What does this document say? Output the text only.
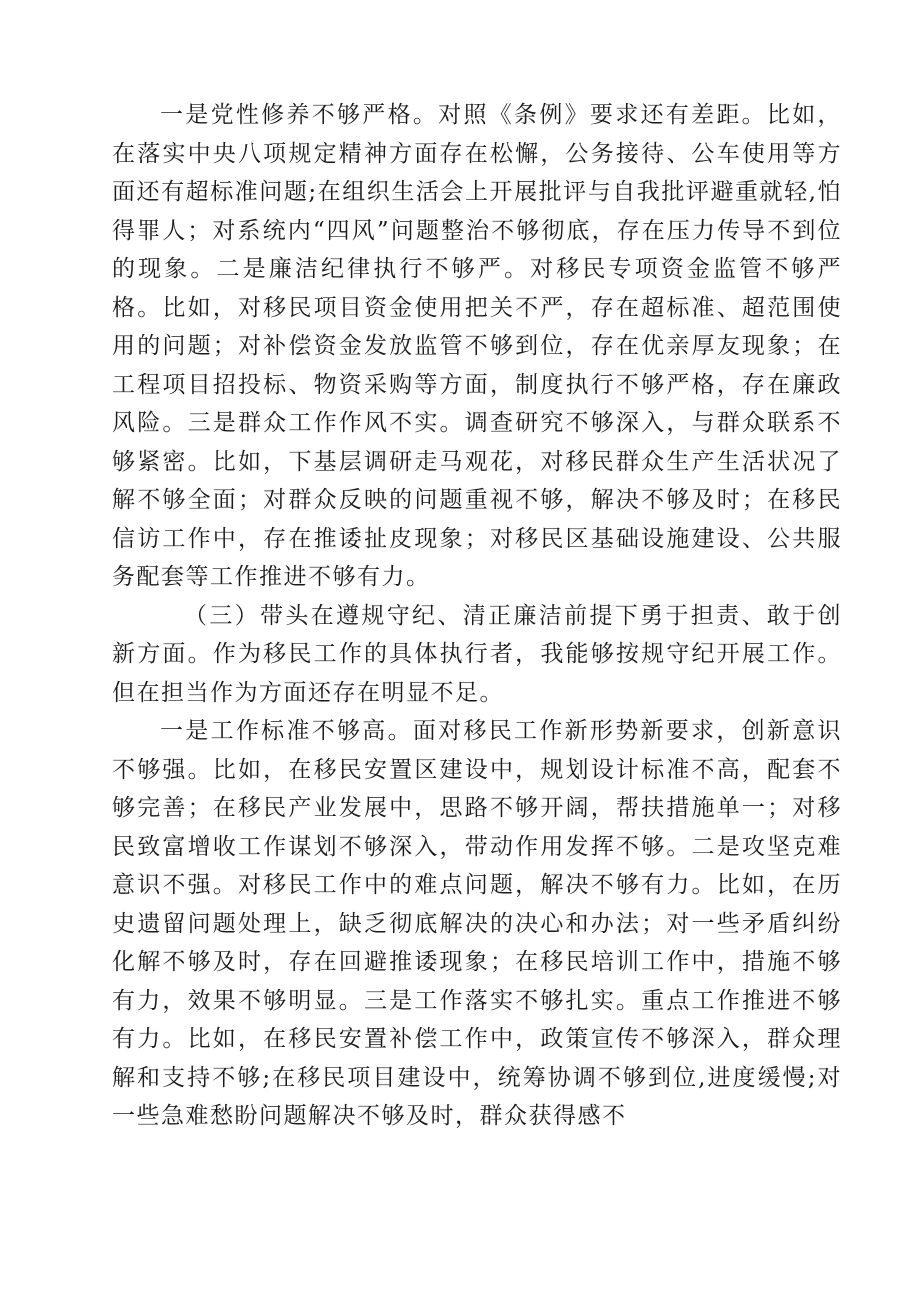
一是党性修养不够严格。对照《条例》要求还有差距。比如，在落实中央八项规定精神方面存在松懈，公务接待、公车使用等方面还有超标准问题;在组织生活会上开展批评与自我批评避重就轻,怕得罪人；对系统内“四风”问题整治不够彻底，存在压力传导不到位的现象。二是廉洁纪律执行不够严。对移民专项资金监管不够严格。比如，对移民项目资金使用把关不严，存在超标准、超范围使用的问题；对补偿资金发放监管不够到位，存在优亲厚友现象；在工程项目招投标、物资采购等方面，制度执行不够严格，存在廉政风险。三是群众工作作风不实。调查研究不够深入，与群众联系不够紧密。比如，下基层调研走马观花，对移民群众生产生活状况了解不够全面；对群众反映的问题重视不够，解决不够及时；在移民信访工作中，存在推诿扯皮现象；对移民区基础设施建设、公共服务配套等工作推进不够有力。

（三）带头在遵规守纪、清正廉洁前提下勇于担责、敢于创新方面。作为移民工作的具体执行者，我能够按规守纪开展工作。但在担当作为方面还存在明显不足。

一是工作标准不够高。面对移民工作新形势新要求，创新意识不够强。比如，在移民安置区建设中，规划设计标准不高，配套不够完善；在移民产业发展中，思路不够开阔，帮扶措施单一；对移民致富增收工作谋划不够深入，带动作用发挥不够。二是攻坚克难意识不强。对移民工作中的难点问题，解决不够有力。比如，在历史遗留问题处理上，缺乏彻底解决的决心和办法；对一些矛盾纠纷化解不够及时，存在回避推诿现象；在移民培训工作中，措施不够有力，效果不够明显。三是工作落实不够扎实。重点工作推进不够有力。比如，在移民安置补偿工作中，政策宣传不够深入，群众理解和支持不够;在移民项目建设中，统筹协调不够到位,进度缓慢;对一些急难愁盼问题解决不够及时，群众获得感不
